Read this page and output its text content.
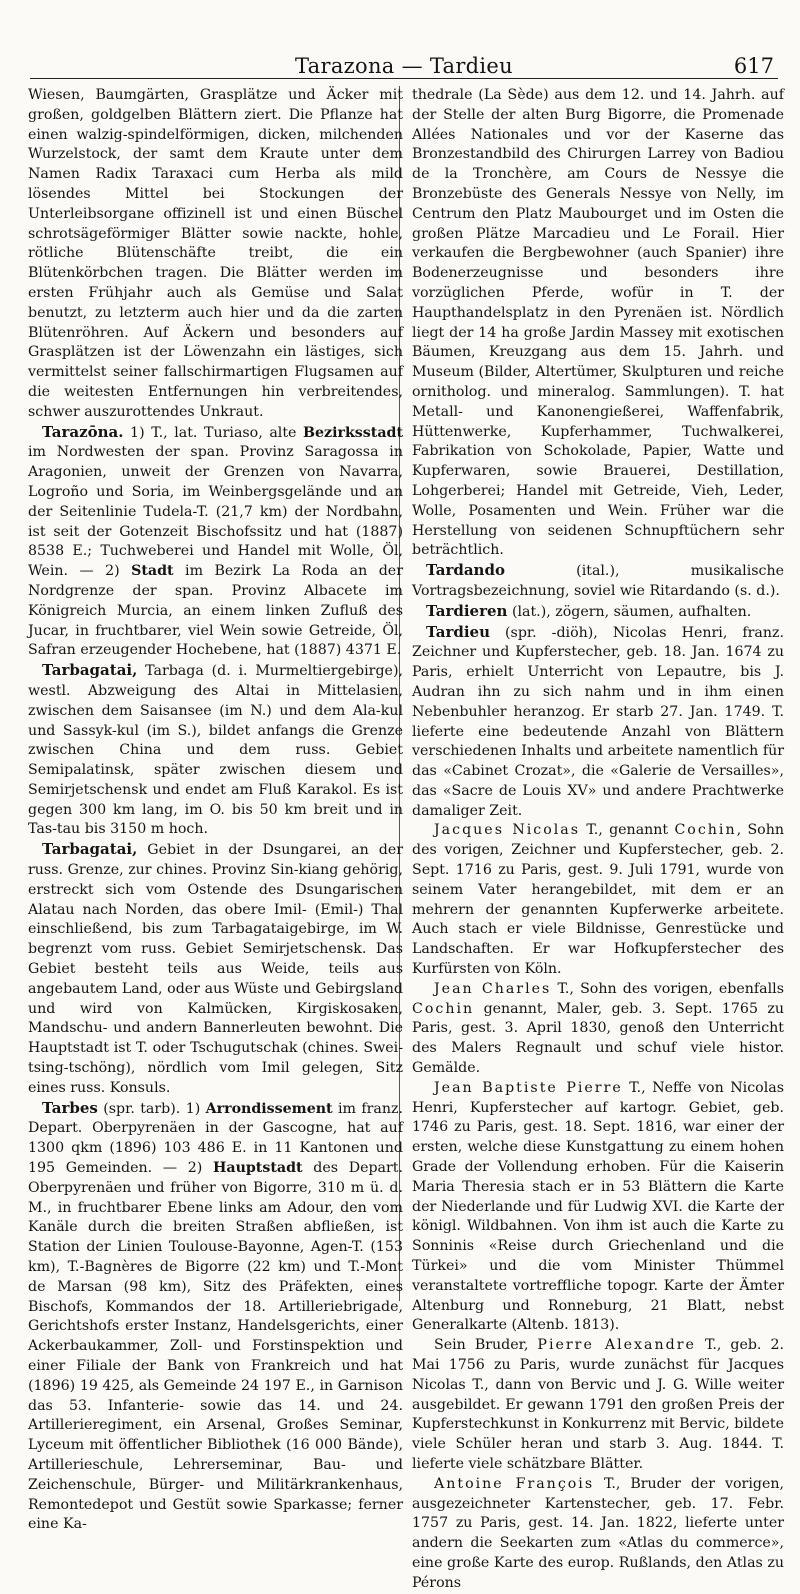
Tarazona — Tardieu	617

Wiesen, Baumgärten, Grasplätze und Äcker mit großen, goldgelben Blättern ziert. Die Pflanze hat einen walzig-spindelförmigen, dicken, milchenden Wurzelstock, der samt dem Kraute unter dem Namen Radix Taraxaci cum Herba als mild lösendes Mittel bei Stockungen der Unterleibsorgane offizinell ist und einen Büschel schrotsägeförmiger Blätter sowie nackte, hohle, rötliche Blütenschäfte treibt, die ein Blütenkörbchen tragen. Die Blätter werden im ersten Frühjahr auch als Gemüse und Salat benutzt, zu letzterm auch hier und da die zarten Blütenröhren. Auf Äckern und besonders auf Grasplätzen ist der Löwenzahn ein lästiges, sich vermittelst seiner fallschirmartigen Flugsamen auf die weitesten Entfernungen hin verbreitendes, schwer auszurottendes Unkraut.

Tarazōna. 1) T., lat. Turiaso, alte Bezirksstadt im Nordwesten der span. Provinz Saragossa in Aragonien, unweit der Grenzen von Navarra, Logroño und Soria, im Weinbergsgelände und an der Seitenlinie Tudela-T. (21,7 km) der Nordbahn, ist seit der Gotenzeit Bischofssitz und hat (1887) 8538 E.; Tuchweberei und Handel mit Wolle, Öl, Wein. — 2) Stadt im Bezirk La Roda an der Nordgrenze der span. Provinz Albacete im Königreich Murcia, an einem linken Zufluß des Jucar, in fruchtbarer, viel Wein sowie Getreide, Öl, Safran erzeugender Hochebene, hat (1887) 4371 E.

Tarbagatai, Tarbaga (d. i. Murmeltiergebirge), westl. Abzweigung des Altai in Mittelasien, zwischen dem Saisansee (im N.) und dem Ala-kul und Sassyk-kul (im S.), bildet anfangs die Grenze zwischen China und dem russ. Gebiet Semipalatinsk, später zwischen diesem und Semirjetschensk und endet am Fluß Karakol. Es ist gegen 300 km lang, im O. bis 50 km breit und in Tas-tau bis 3150 m hoch.

Tarbagatai, Gebiet in der Dsungarei, an der russ. Grenze, zur chines. Provinz Sin-kiang gehörig, erstreckt sich vom Ostende des Dsungarischen Alatau nach Norden, das obere Imil- (Emil-) Thal einschließend, bis zum Tarbagataigebirge, im W. begrenzt vom russ. Gebiet Semirjetschensk. Das Gebiet besteht teils aus Weide, teils aus angebautem Land, oder aus Wüste und Gebirgsland und wird von Kalmücken, Kirgiskosaken, Mandschu- und andern Bannerleuten bewohnt. Die Hauptstadt ist T. oder Tschugutschak (chines. Swei-tsing-tschöng), nördlich vom Imil gelegen, Sitz eines russ. Konsuls.

Tarbes (spr. tarb). 1) Arrondissement im franz. Depart. Oberpyrenäen in der Gascogne, hat auf 1300 qkm (1896) 103 486 E. in 11 Kantonen und 195 Gemeinden. — 2) Hauptstadt des Depart. Oberpyrenäen und früher von Bigorre, 310 m ü. d. M., in fruchtbarer Ebene links am Adour, den vom Kanäle durch die breiten Straßen abfließen, ist Station der Linien Toulouse-Bayonne, Agen-T. (153 km), T.-Bagnères de Bigorre (22 km) und T.-Mont de Marsan (98 km), Sitz des Präfekten, eines Bischofs, Kommandos der 18. Artilleriebrigade, Gerichtshofs erster Instanz, Handelsgerichts, einer Ackerbaukammer, Zoll- und Forstinspektion und einer Filiale der Bank von Frankreich und hat (1896) 19 425, als Gemeinde 24 197 E., in Garnison das 53. Infanterie- sowie das 14. und 24. Artillerieregiment, ein Arsenal, Großes Seminar, Lyceum mit öffentlicher Bibliothek (16 000 Bände), Artillerieschule, Lehrerseminar, Bau- und Zeichenschule, Bürger- und Militärkrankenhaus, Remontedepot und Gestüt sowie Sparkasse; ferner eine Ka-

thedrale (La Sède) aus dem 12. und 14. Jahrh. auf der Stelle der alten Burg Bigorre, die Promenade Allées Nationales und vor der Kaserne das Bronzestandbild des Chirurgen Larrey von Badiou de la Tronchère, am Cours de Nessye die Bronzebüste des Generals Nessye von Nelly, im Centrum den Platz Maubourget und im Osten die großen Plätze Marcadieu und Le Forail. Hier verkaufen die Bergbewohner (auch Spanier) ihre Bodenerzeugnisse und besonders ihre vorzüglichen Pferde, wofür in T. der Haupthandelsplatz in den Pyrenäen ist. Nördlich liegt der 14 ha große Jardin Massey mit exotischen Bäumen, Kreuzgang aus dem 15. Jahrh. und Museum (Bilder, Altertümer, Skulpturen und reiche ornitholog. und mineralog. Sammlungen). T. hat Metall- und Kanonengießerei, Waffenfabrik, Hüttenwerke, Kupferhammer, Tuchwalkerei, Fabrikation von Schokolade, Papier, Watte und Kupferwaren, sowie Brauerei, Destillation, Lohgerberei; Handel mit Getreide, Vieh, Leder, Wolle, Posamenten und Wein. Früher war die Herstellung von seidenen Schnupftüchern sehr beträchtlich.

Tardando (ital.), musikalische Vortragsbezeichnung, soviel wie Ritardando (s. d.).

Tardieren (lat.), zögern, säumen, aufhalten.

Tardieu (spr. -diöh), Nicolas Henri, franz. Zeichner und Kupferstecher, geb. 18. Jan. 1674 zu Paris, erhielt Unterricht von Lepautre, bis J. Audran ihn zu sich nahm und in ihm einen Nebenbuhler heranzog. Er starb 27. Jan. 1749. T. lieferte eine bedeutende Anzahl von Blättern verschiedenen Inhalts und arbeitete namentlich für das «Cabinet Crozat», die «Galerie de Versailles», das «Sacre de Louis XV» und andere Prachtwerke damaliger Zeit.

Jacques Nicolas T., genannt Cochin, Sohn des vorigen, Zeichner und Kupferstecher, geb. 2. Sept. 1716 zu Paris, gest. 9. Juli 1791, wurde von seinem Vater herangebildet, mit dem er an mehrern der genannten Kupferwerke arbeitete. Auch stach er viele Bildnisse, Genrestücke und Landschaften. Er war Hofkupferstecher des Kurfürsten von Köln.

Jean Charles T., Sohn des vorigen, ebenfalls Cochin genannt, Maler, geb. 3. Sept. 1765 zu Paris, gest. 3. April 1830, genoß den Unterricht des Malers Regnault und schuf viele histor. Gemälde.

Jean Baptiste Pierre T., Neffe von Nicolas Henri, Kupferstecher auf kartogr. Gebiet, geb. 1746 zu Paris, gest. 18. Sept. 1816, war einer der ersten, welche diese Kunstgattung zu einem hohen Grade der Vollendung erhoben. Für die Kaiserin Maria Theresia stach er in 53 Blättern die Karte der Niederlande und für Ludwig XVI. die Karte der königl. Wildbahnen. Von ihm ist auch die Karte zu Sonninis «Reise durch Griechenland und die Türkei» und die vom Minister Thümmel veranstaltete vortreffliche topogr. Karte der Ämter Altenburg und Ronneburg, 21 Blatt, nebst Generalkarte (Altenb. 1813).

Sein Bruder, Pierre Alexandre T., geb. 2. Mai 1756 zu Paris, wurde zunächst für Jacques Nicolas T., dann von Bervic und J. G. Wille weiter ausgebildet. Er gewann 1791 den großen Preis der Kupferstechkunst in Konkurrenz mit Bervic, bildete viele Schüler heran und starb 3. Aug. 1844. T. lieferte viele schätzbare Blätter.

Antoine François T., Bruder der vorigen, ausgezeichneter Kartenstecher, geb. 17. Febr. 1757 zu Paris, gest. 14. Jan. 1822, lieferte unter andern die Seekarten zum «Atlas du commerce», eine große Karte des europ. Rußlands, den Atlas zu Pérons
